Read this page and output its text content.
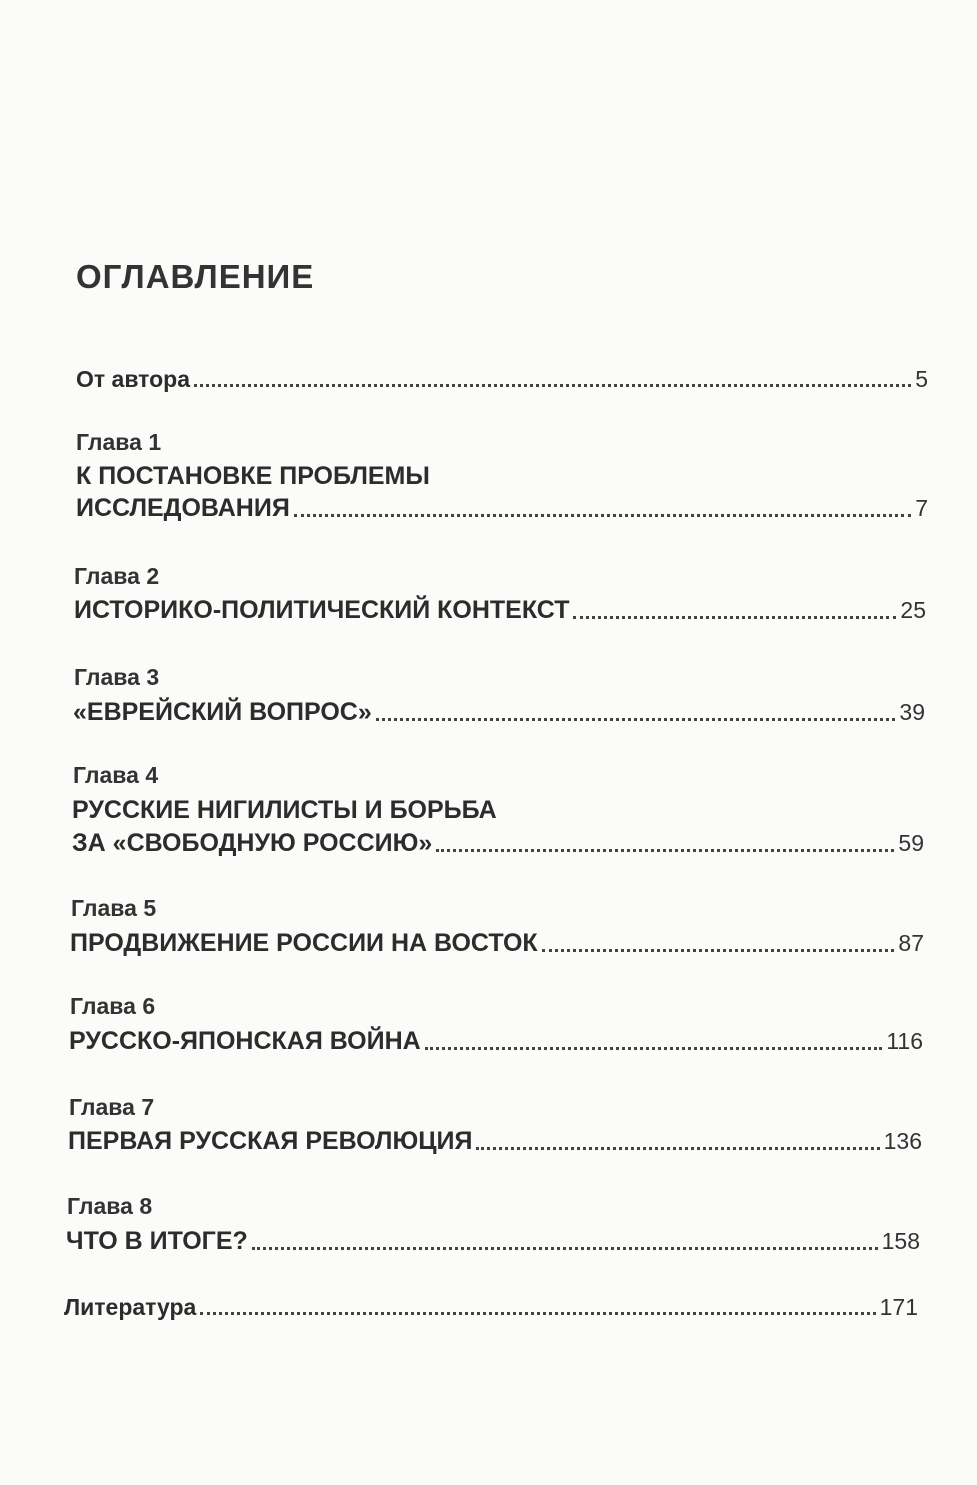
ОГЛАВЛЕНИЕ
От автора	5
Глава 1
К ПОСТАНОВКЕ ПРОБЛЕМЫ
ИССЛЕДОВАНИЯ	7
Глава 2
ИСТОРИКО-ПОЛИТИЧЕСКИЙ КОНТЕКСТ	25
Глава 3
«ЕВРЕЙСКИЙ ВОПРОС»	39
Глава 4
РУССКИЕ НИГИЛИСТЫ И БОРЬБА
ЗА «СВОБОДНУЮ РОССИЮ»	59
Глава 5
ПРОДВИЖЕНИЕ РОССИИ НА ВОСТОК	87
Глава 6
РУССКО-ЯПОНСКАЯ ВОЙНА	116
Глава 7
ПЕРВАЯ РУССКАЯ РЕВОЛЮЦИЯ	136
Глава 8
ЧТО В ИТОГЕ?	158
Литература	171
